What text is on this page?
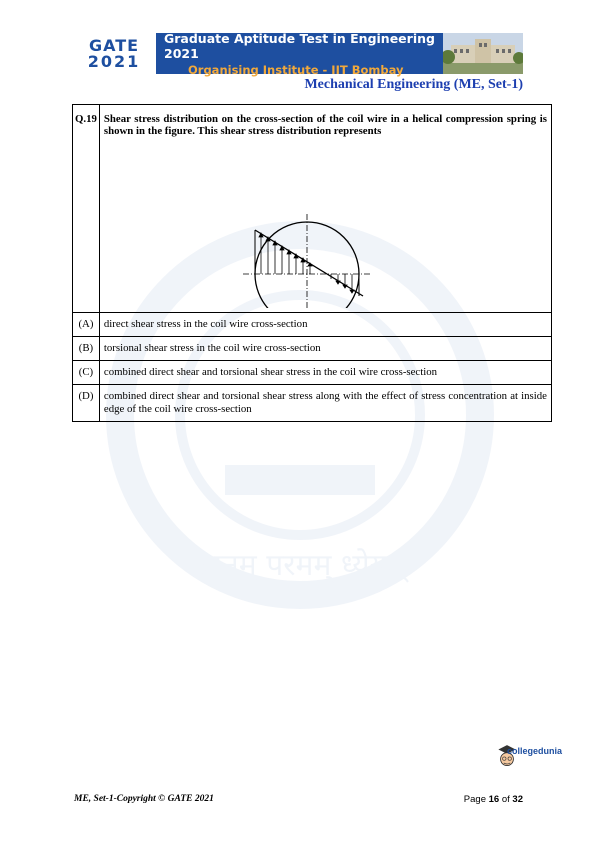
ज्ञानम् परमम् ध्येयम्
GATE
2021
Graduate Aptitude Test in Engineering 2021
Organising Institute - IIT Bombay
Mechanical Engineering (ME, Set-1)
Q.19	Shear stress distribution on the cross-section of the coil wire in a helical compression spring is shown in the figure. This shear stress distribution represents

(A)	direct shear stress in the coil wire cross-section
(B)	torsional shear stress in the coil wire cross-section
(C)	combined direct shear and torsional shear stress in the coil wire cross-section
(D)	combined direct shear and torsional shear stress along with the effect of stress concentration at inside edge of the coil wire cross-section
collegedunia
ME, Set-1-Copyright © GATE 2021	Page 16 of 32
